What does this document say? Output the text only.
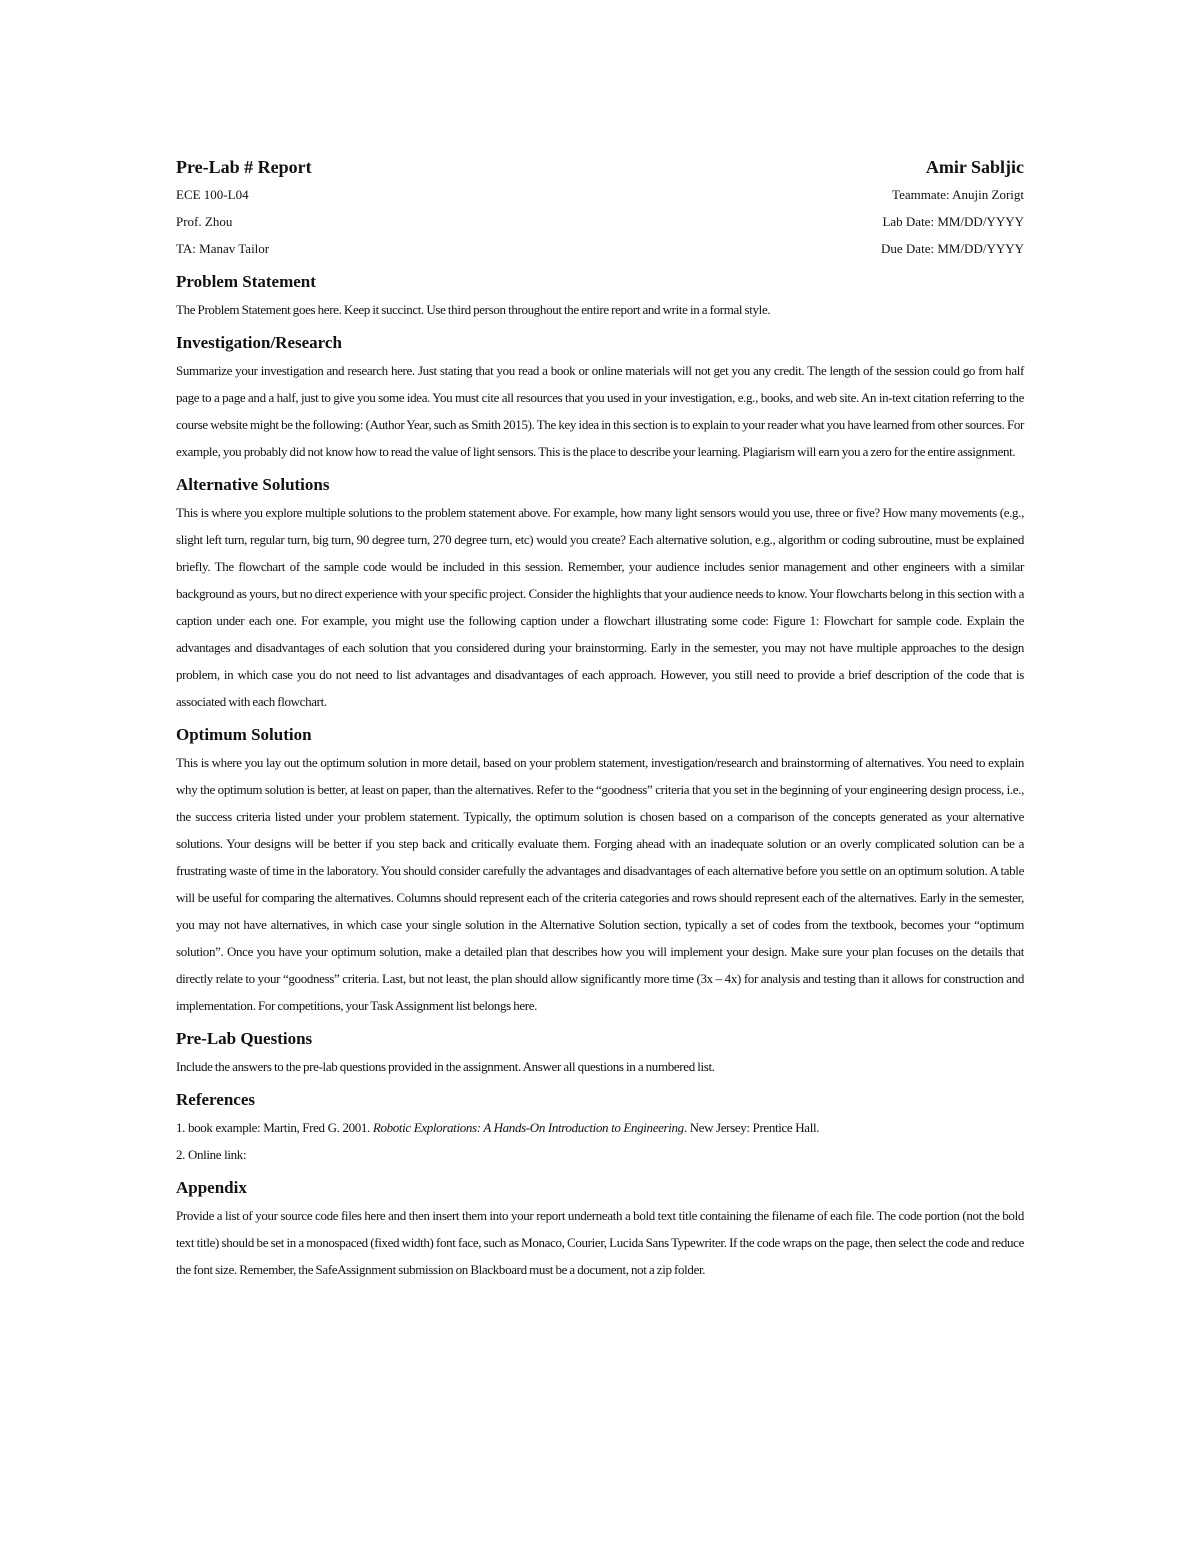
Pre-Lab # Report	Amir Sabljic
ECE 100-L04	Teammate: Anujin Zorigt
Prof. Zhou	Lab Date: MM/DD/YYYY
TA: Manav Tailor	Due Date: MM/DD/YYYY
Problem Statement

The Problem Statement goes here. Keep it succinct. Use third person throughout the entire report and write in a formal style.

Investigation/Research

Summarize your investigation and research here. Just stating that you read a book or online materials will not get you any credit. The length of the session could go from half page to a page and a half, just to give you some idea. You must cite all resources that you used in your investigation, e.g., books, and web site. An in-text citation referring to the course website might be the following: (Author Year, such as Smith 2015). The key idea in this section is to explain to your reader what you have learned from other sources. For example, you probably did not know how to read the value of light sensors. This is the place to describe your learning. Plagiarism will earn you a zero for the entire assignment.

Alternative Solutions

This is where you explore multiple solutions to the problem statement above. For example, how many light sensors would you use, three or five? How many movements (e.g., slight left turn, regular turn, big turn, 90 degree turn, 270 degree turn, etc) would you create? Each alternative solution, e.g., algorithm or coding subroutine, must be explained briefly. The flowchart of the sample code would be included in this session. Remember, your audience includes senior management and other engineers with a similar background as yours, but no direct experience with your specific project. Consider the highlights that your audience needs to know. Your flowcharts belong in this section with a caption under each one. For example, you might use the following caption under a flowchart illustrating some code: Figure 1: Flowchart for sample code. Explain the advantages and disadvantages of each solution that you considered during your brainstorming. Early in the semester, you may not have multiple approaches to the design problem, in which case you do not need to list advantages and disadvantages of each approach. However, you still need to provide a brief description of the code that is associated with each flowchart.

Optimum Solution

This is where you lay out the optimum solution in more detail, based on your problem statement, investigation/research and brainstorming of alternatives. You need to explain why the optimum solution is better, at least on paper, than the alternatives. Refer to the “goodness” criteria that you set in the beginning of your engineering design process, i.e., the success criteria listed under your problem statement. Typically, the optimum solution is chosen based on a comparison of the concepts generated as your alternative solutions. Your designs will be better if you step back and critically evaluate them. Forging ahead with an inadequate solution or an overly complicated solution can be a frustrating waste of time in the laboratory. You should consider carefully the advantages and disadvantages of each alternative before you settle on an optimum solution. A table will be useful for comparing the alternatives. Columns should represent each of the criteria categories and rows should represent each of the alternatives. Early in the semester, you may not have alternatives, in which case your single solution in the Alternative Solution section, typically a set of codes from the textbook, becomes your “optimum solution”. Once you have your optimum solution, make a detailed plan that describes how you will implement your design. Make sure your plan focuses on the details that directly relate to your “goodness” criteria. Last, but not least, the plan should allow significantly more time (3x – 4x) for analysis and testing than it allows for construction and implementation. For competitions, your Task Assignment list belongs here.

Pre-Lab Questions

Include the answers to the pre-lab questions provided in the assignment. Answer all questions in a numbered list.

References
1. book example: Martin, Fred G. 2001. Robotic Explorations: A Hands-On Introduction to Engineering. New Jersey: Prentice Hall.
2. Online link:
Appendix

Provide a list of your source code files here and then insert them into your report underneath a bold text title containing the filename of each file. The code portion (not the bold text title) should be set in a monospaced (fixed width) font face, such as Monaco, Courier, Lucida Sans Typewriter. If the code wraps on the page, then select the code and reduce the font size. Remember, the SafeAssignment submission on Blackboard must be a document, not a zip folder.
